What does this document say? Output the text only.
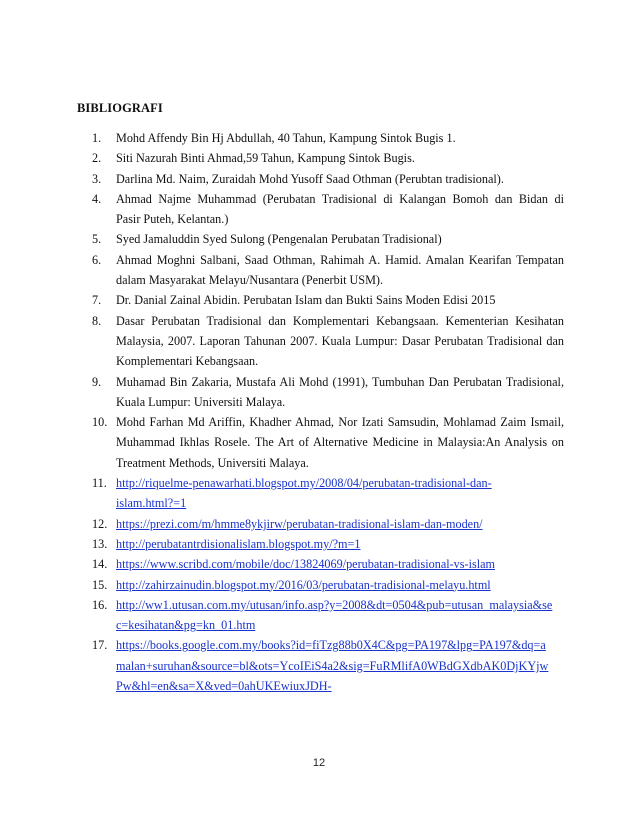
BIBLIOGRAFI
1. Mohd Affendy Bin Hj Abdullah, 40 Tahun, Kampung Sintok Bugis 1.
2. Siti Nazurah Binti Ahmad,59 Tahun, Kampung Sintok Bugis.
3. Darlina Md. Naim, Zuraidah Mohd Yusoff Saad Othman (Perubtan tradisional).
4. Ahmad Najme Muhammad (Perubatan Tradisional di Kalangan Bomoh dan Bidan di
Pasir Puteh, Kelantan.)
5. Syed Jamaluddin Syed Sulong (Pengenalan Perubatan Tradisional)
6. Ahmad Moghni Salbani, Saad Othman, Rahimah A. Hamid. Amalan Kearifan Tempatan
dalam Masyarakat Melayu/Nusantara (Penerbit USM).
7. Dr. Danial Zainal Abidin. Perubatan Islam dan Bukti Sains Moden Edisi 2015
8. Dasar Perubatan Tradisional dan Komplementari Kebangsaan. Kementerian Kesihatan
Malaysia, 2007. Laporan Tahunan 2007. Kuala Lumpur: Dasar Perubatan Tradisional dan
Komplementari Kebangsaan.
9. Muhamad Bin Zakaria, Mustafa Ali Mohd (1991), Tumbuhan Dan Perubatan Tradisional,
Kuala Lumpur: Universiti Malaya.
10. Mohd Farhan Md Ariffin, Khadher Ahmad, Nor Izati Samsudin, Mohlamad Zaim Ismail,
Muhammad Ikhlas Rosele. The Art of Alternative Medicine in Malaysia:An Analysis on
Treatment Methods, Universiti Malaya.
11. http://riquelme-penawarhati.blogspot.my/2008/04/perubatan-tradisional-dan-
islam.html?=1
12. https://prezi.com/m/hmme8ykjirw/perubatan-tradisional-islam-dan-moden/
13. http://perubatantrdisionalislam.blogspot.my/?m=1
14. https://www.scribd.com/mobile/doc/13824069/perubatan-tradisional-vs-islam
15. http://zahirzainudin.blogspot.my/2016/03/perubatan-tradisional-melayu.html
16. http://ww1.utusan.com.my/utusan/info.asp?y=2008&dt=0504&pub=utusan_malaysia&se
c=kesihatan&pg=kn_01.htm
17. https://books.google.com.my/books?id=fiTzg88b0X4C&pg=PA197&lpg=PA197&dq=a
malan+suruhan&source=bl&ots=YcoIEiS4a2&sig=FuRMlifA0WBdGXdbAK0DjKYjw
Pw&hl=en&sa=X&ved=0ahUKEwiuxJDH-
12
